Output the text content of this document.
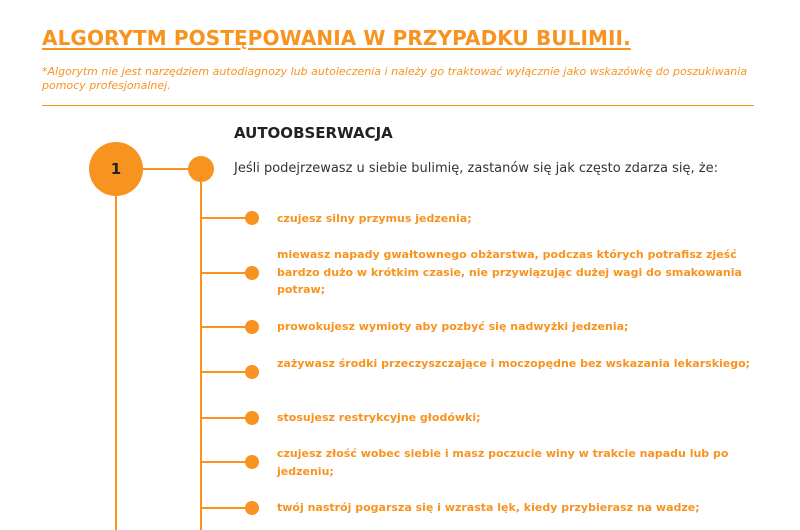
ALGORYTM POSTĘPOWANIA W PRZYPADKU BULIMII.

*Algorytm nie jest narzędziem autodiagnozy lub autoleczenia i należy go traktować wyłącznie jako wskazówkę do poszukiwania pomocy profesjonalnej.

1
AUTOOBSERWACJA

Jeśli podejrzewasz u siebie bulimię, zastanów się jak często zdarza się, że:

czujesz silny przymus jedzenia;

miewasz napady gwałtownego obżarstwa, podczas których potrafisz zjeść bardzo dużo w krótkim czasie, nie przywiązując dużej wagi do smakowania potraw;

prowokujesz wymioty aby pozbyć się nadwyżki jedzenia;

zażywasz środki przeczyszczające i moczopędne bez wskazania lekarskiego;

stosujesz restrykcyjne głodówki;

czujesz złość wobec siebie i masz poczucie winy w trakcie napadu lub po jedzeniu;

twój nastrój pogarsza się i wzrasta lęk, kiedy przybierasz na wadze;
